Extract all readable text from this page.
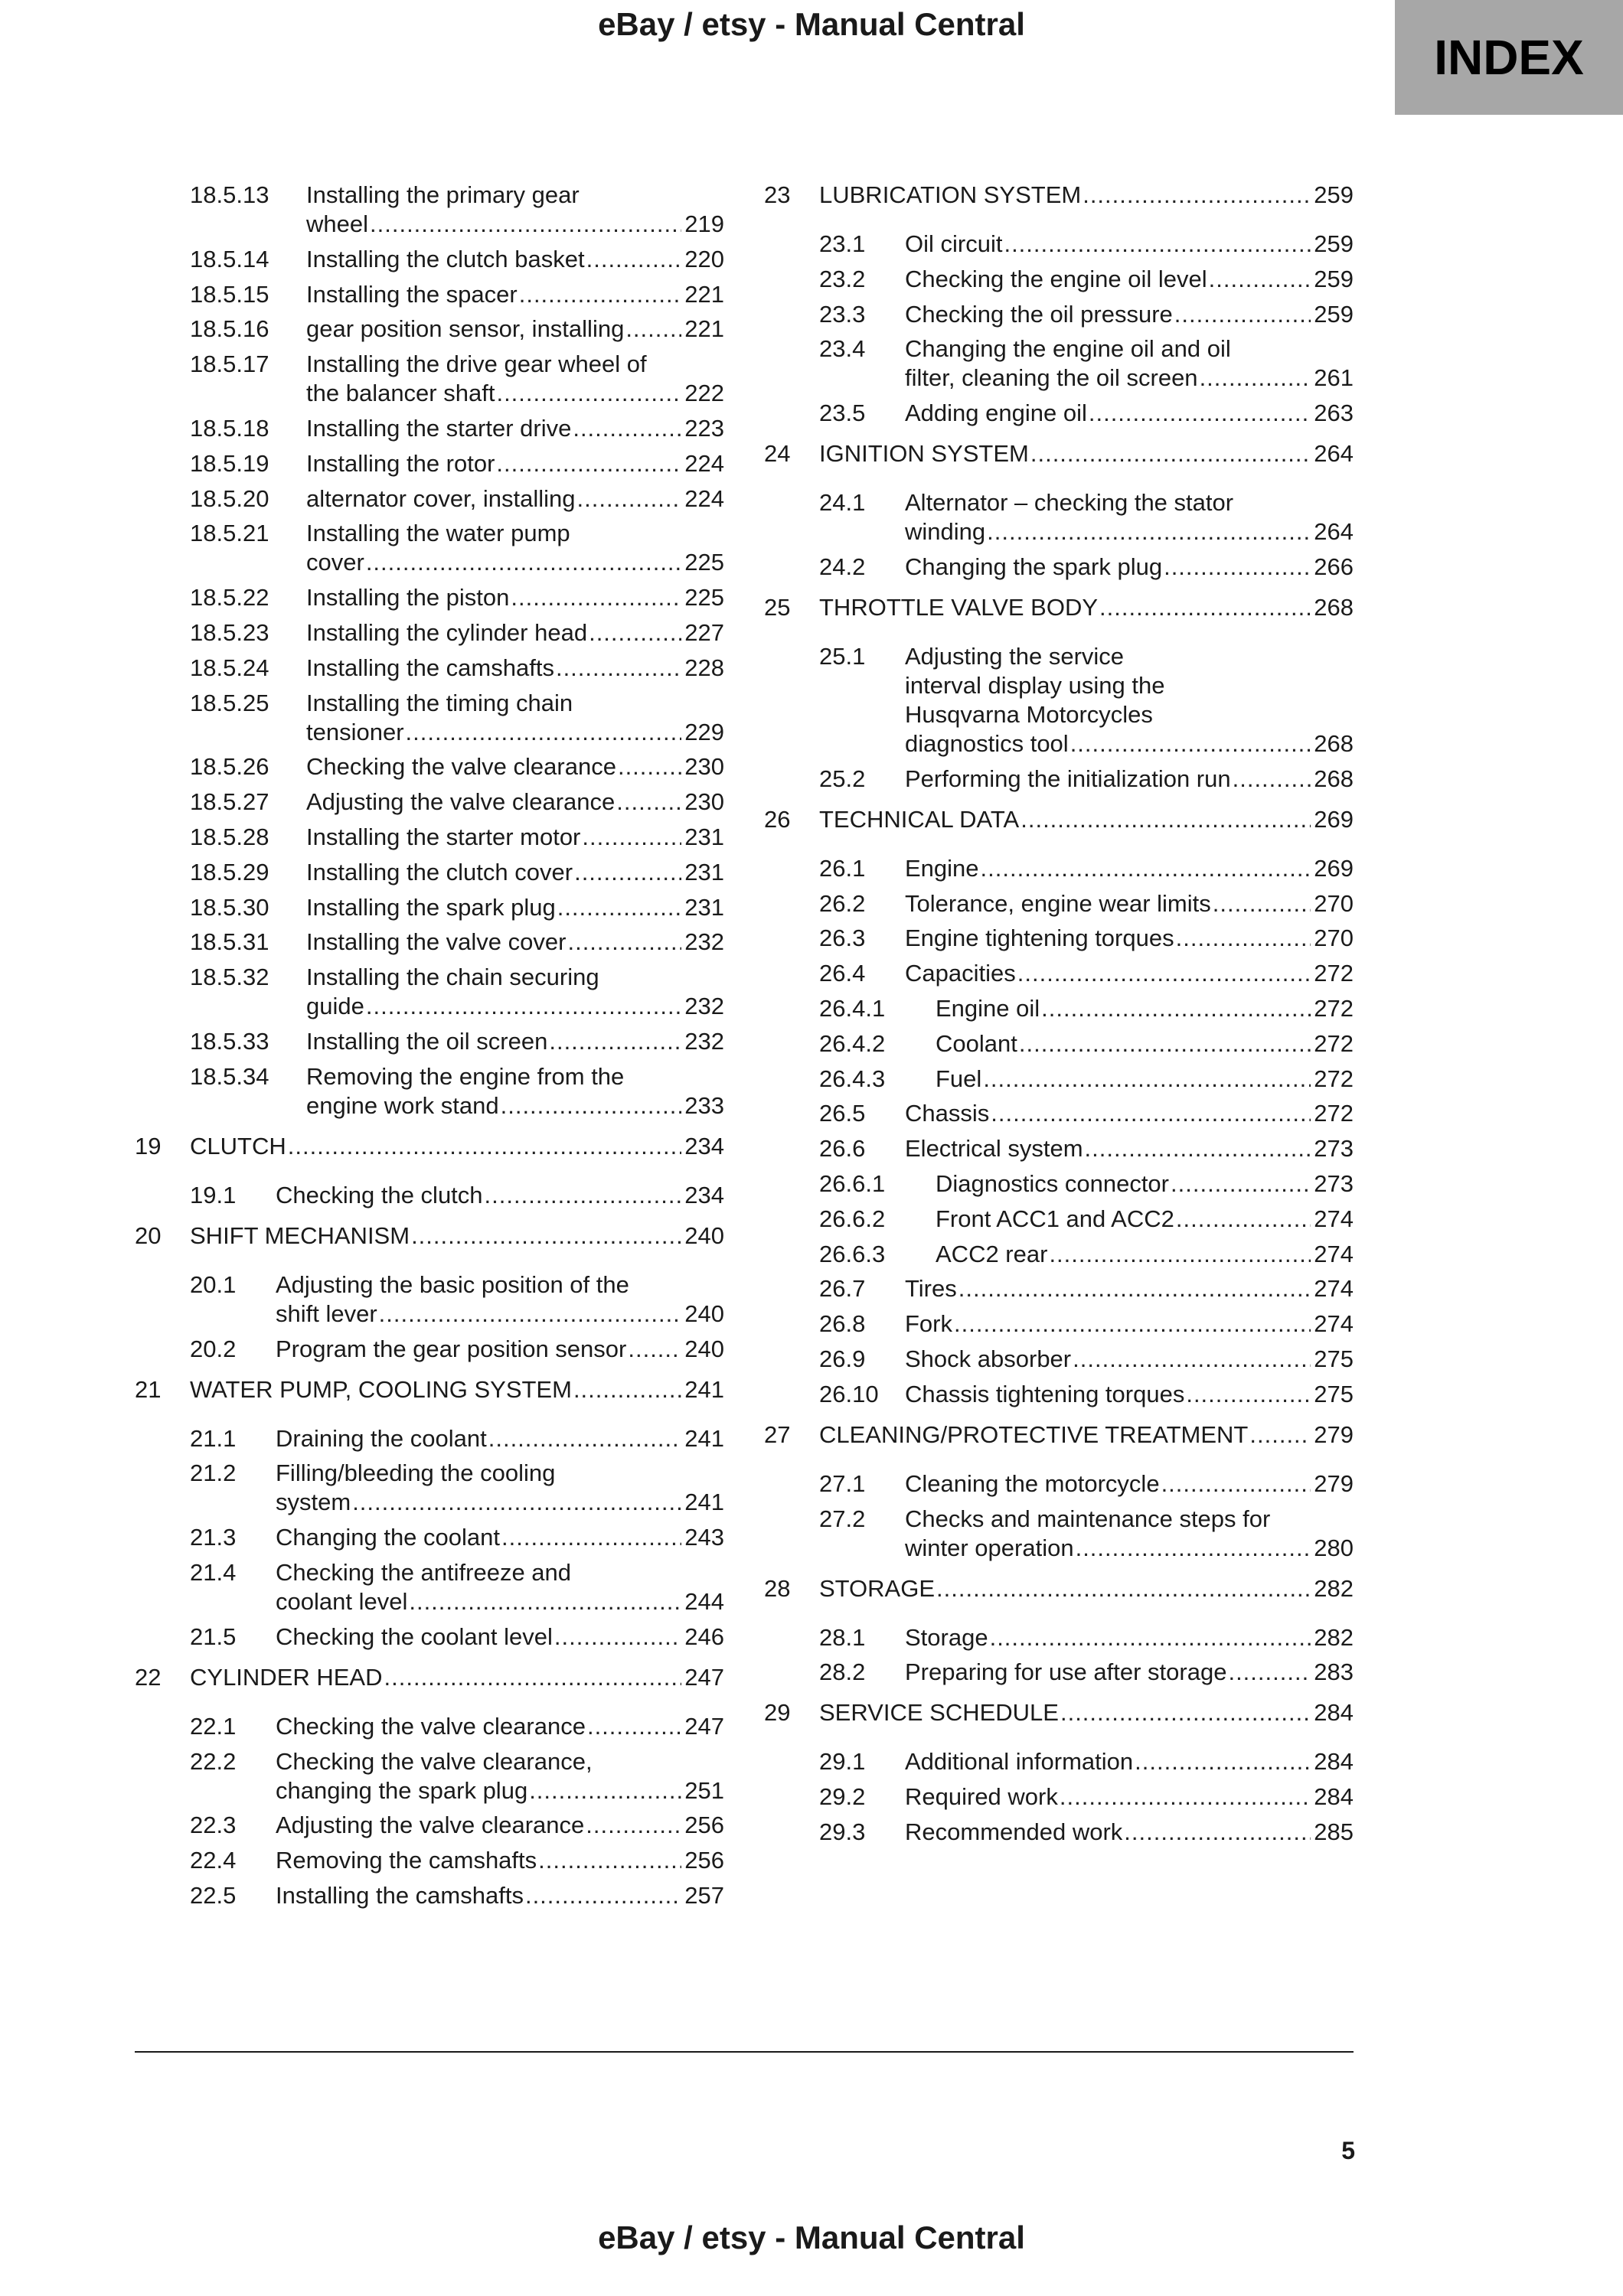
eBay / etsy - Manual Central
INDEX
18.5.13 Installing the primary gear
wheel .....	219
18.5.14 Installing the clutch basket .....	220
18.5.15 Installing the spacer .....	221
18.5.16 gear position sensor, installing .....	221
18.5.17 Installing the drive gear wheel of
the balancer shaft .....	222
18.5.18 Installing the starter drive .....	223
18.5.19 Installing the rotor .....	224
18.5.20 alternator cover, installing .....	224
18.5.21 Installing the water pump
cover .....	225
18.5.22 Installing the piston .....	225
18.5.23 Installing the cylinder head .....	227
18.5.24 Installing the camshafts .....	228
18.5.25 Installing the timing chain
tensioner .....	229
18.5.26 Checking the valve clearance .....	230
18.5.27 Adjusting the valve clearance .....	230
18.5.28 Installing the starter motor .....	231
18.5.29 Installing the clutch cover .....	231
18.5.30 Installing the spark plug .....	231
18.5.31 Installing the valve cover .....	232
18.5.32 Installing the chain securing
guide .....	232
18.5.33 Installing the oil screen .....	232
18.5.34 Removing the engine from the
engine work stand .....	233
19 CLUTCH .....	234
19.1 Checking the clutch .....	234
20 SHIFT MECHANISM .....	240
20.1 Adjusting the basic position of the
shift lever .....	240
20.2 Program the gear position sensor ..... 240
21 WATER PUMP, COOLING SYSTEM .....	241
21.1 Draining the coolant .....	241
21.2 Filling/bleeding the cooling
system .....	241
21.3 Changing the coolant .....	243
21.4 Checking the antifreeze and
coolant level .....	244
21.5 Checking the coolant level .....	246
22 CYLINDER HEAD .....	247
22.1 Checking the valve clearance .....	247
22.2 Checking the valve clearance,
changing the spark plug .....	251
22.3 Adjusting the valve clearance .....	256
22.4 Removing the camshafts .....	256
22.5 Installing the camshafts .....	257
23 LUBRICATION SYSTEM .....	259
23.1 Oil circuit .....	259
23.2 Checking the engine oil level .....	259
23.3 Checking the oil pressure .....	259
23.4 Changing the engine oil and oil
filter, cleaning the oil screen .....	261
23.5 Adding engine oil .....	263
24 IGNITION SYSTEM .....	264
24.1 Alternator – checking the stator
winding .....	264
24.2 Changing the spark plug .....	266
25 THROTTLE VALVE BODY .....	268
25.1 Adjusting the service
interval display using the
Husqvarna Motorcycles
diagnostics tool .....	268
25.2 Performing the initialization run .....	268
26 TECHNICAL DATA .....	269
26.1 Engine .....	269
26.2 Tolerance, engine wear limits .....	270
26.3 Engine tightening torques .....	270
26.4 Capacities .....	272
26.4.1	Engine oil .....	272
26.4.2	Coolant .....	272
26.4.3	Fuel .....	272
26.5 Chassis .....	272
26.6 Electrical system .....	273
26.6.1	Diagnostics connector .....	273
26.6.2	Front ACC1 and ACC2 .....	274
26.6.3	ACC2 rear .....	274
26.7 Tires .....	274
26.8 Fork .....	274
26.9 Shock absorber .....	275
26.10 Chassis tightening torques .....	275
27 CLEANING/PROTECTIVE TREATMENT .....	279
27.1 Cleaning the motorcycle .....	279
27.2 Checks and maintenance steps for
winter operation .....	280
28 STORAGE .....	282
28.1 Storage .....	282
28.2 Preparing for use after storage .....	283
29 SERVICE SCHEDULE .....	284
29.1 Additional information .....	284
29.2 Required work .....	284
29.3 Recommended work .....	285
5
eBay / etsy - Manual Central
